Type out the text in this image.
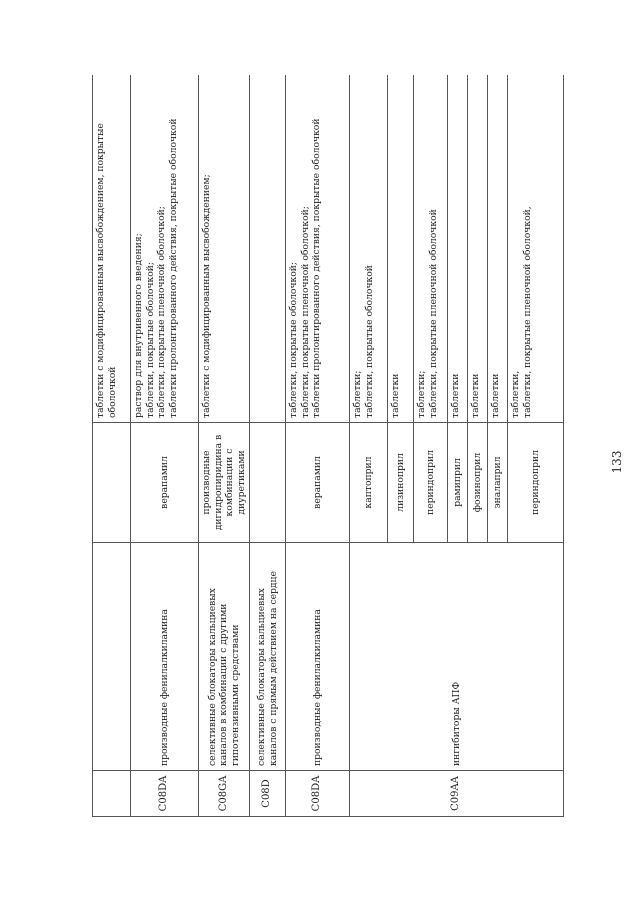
			таблетки с модифицированным высвобождением, покрытые оболочкой

C08DA	производные фенилалкиламина	верапамил	раствор для внутривенного введения; таблетки, покрытые оболочкой; таблетки, покрытые пленочной оболочкой; таблетки пролонгированного действия, покрытые оболочкой

C08GA	селективные блокаторы кальциевых каналов в комбинации с другими гипотензивными средствами	производные дигидропиридина в комбинации с диуретиками	таблетки с модифицированным высвобождением;

C08D	селективные блокаторы кальциевых каналов с прямым действием на сердце		
C08DA	производные фенилалкиламина	верапамил	таблетки, покрытые оболочкой; таблетки, покрытые пленочной оболочкой; таблетки пролонгированного действия, покрытые оболочкой

C09AA	ингибиторы АПФ	каптоприл	таблетки; таблетки, покрытые оболочкой

		лизиноприл	таблетки

		периндоприл	таблетки; таблетки, покрытые пленочной оболочкой

		рамиприл	таблетки

		фозиноприл	таблетки

		эналаприл	таблетки

		периндоприл	таблетки, таблетки, покрытые пленочной оболочкой,
133
